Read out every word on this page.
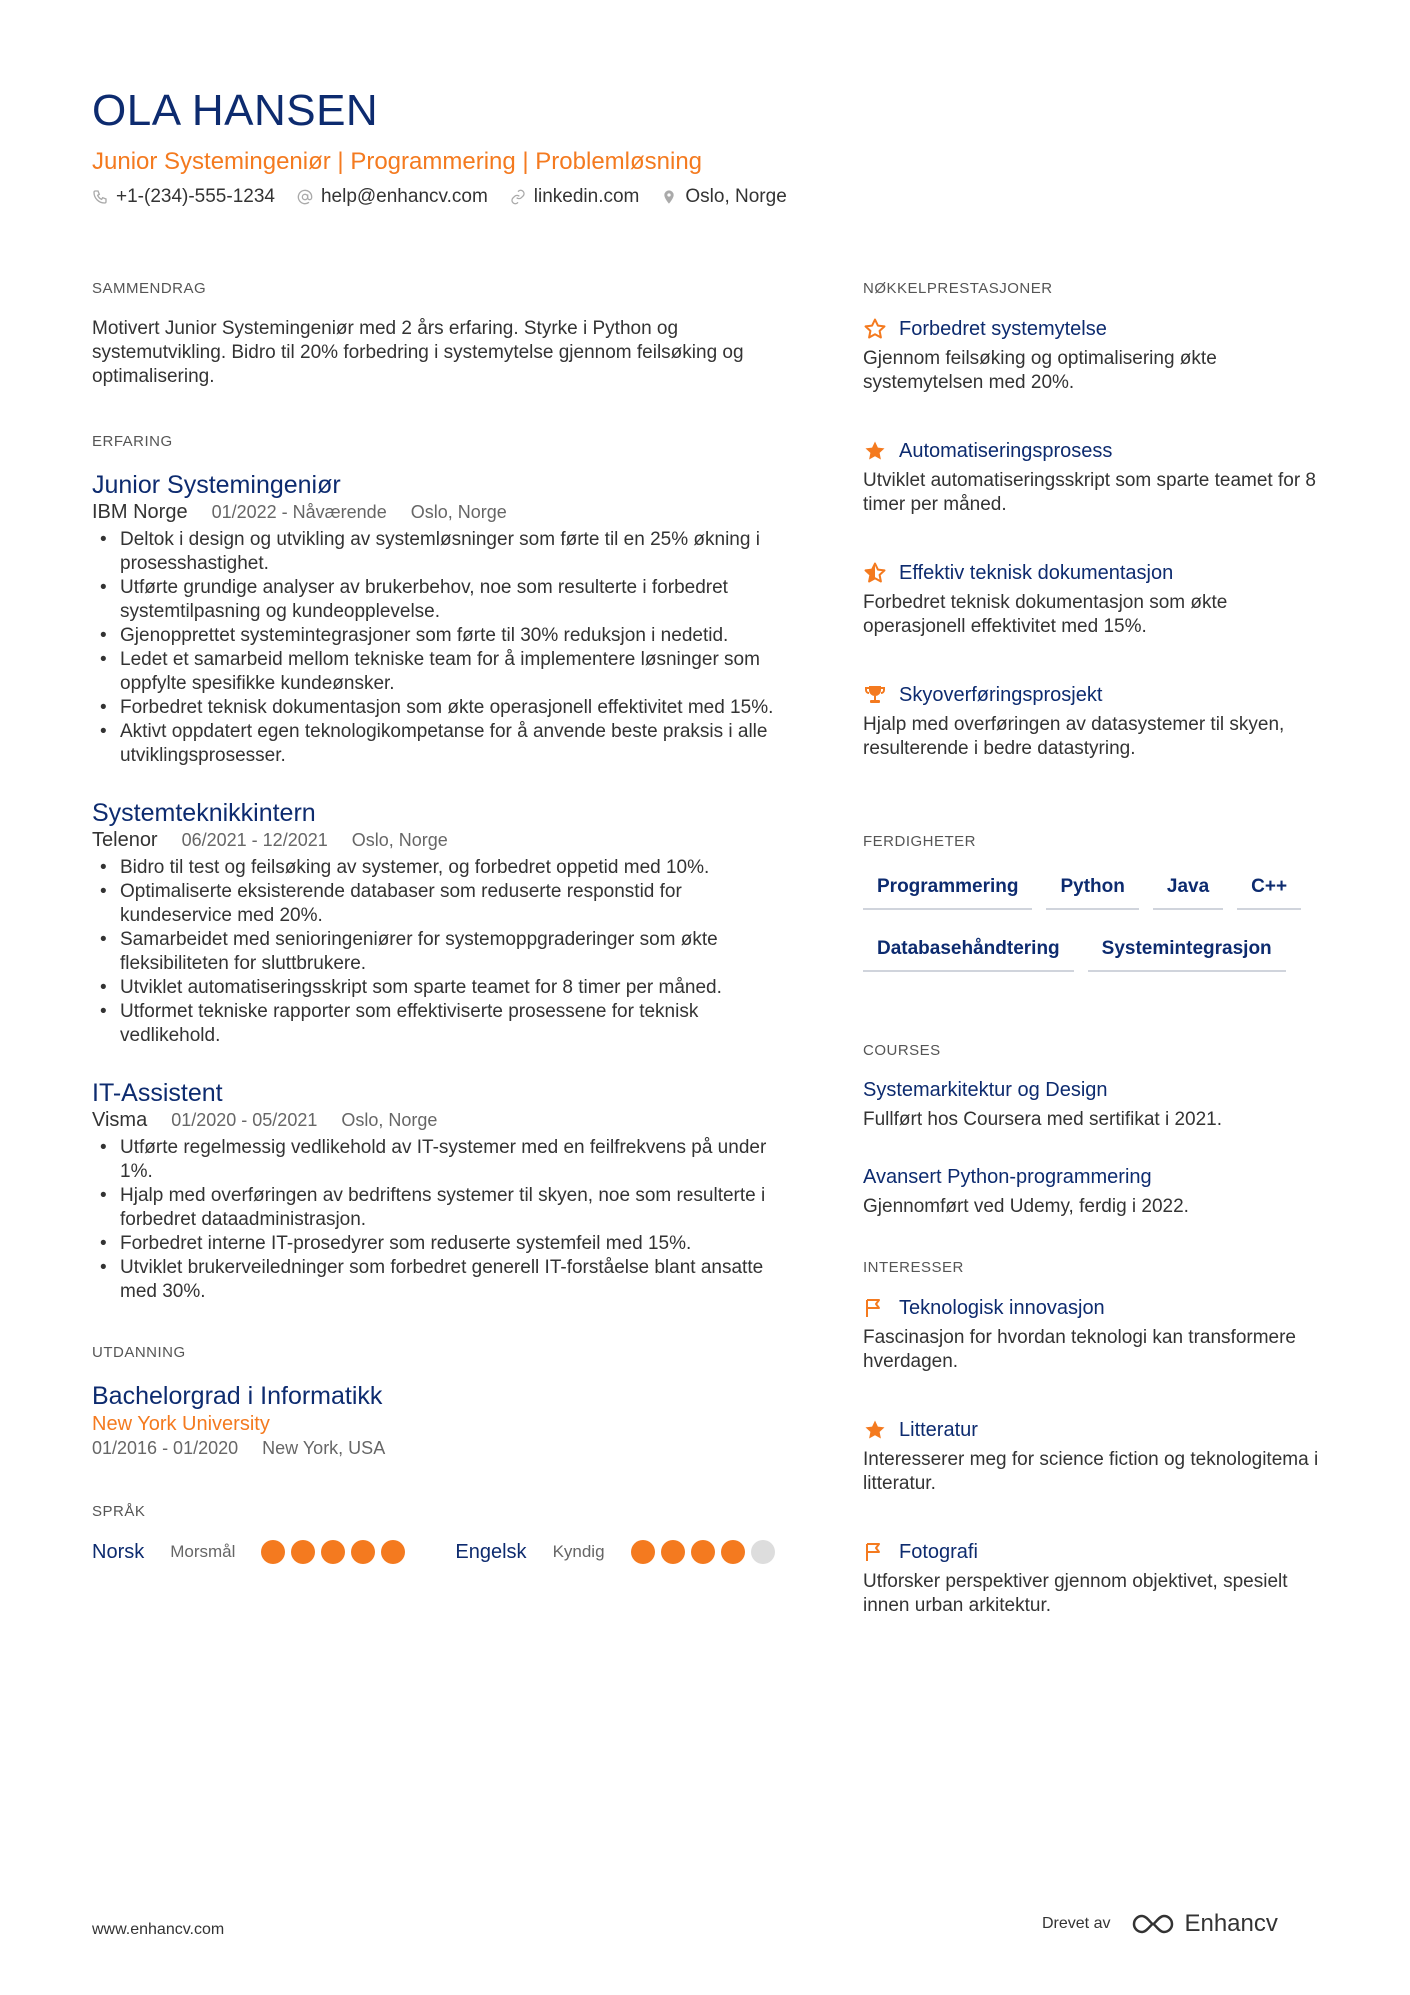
OLA HANSEN
Junior Systemingeniør | Programmering | Problemløsning
+1-(234)-555-1234 help@enhancv.com linkedin.com Oslo, Norge
SAMMENDRAG

Motivert Junior Systemingeniør med 2 års erfaring. Styrke i Python og systemutvikling. Bidro til 20% forbedring i systemytelse gjennom feilsøking og optimalisering.

ERFARING
Junior Systemingeniør
IBM Norge 01/2022 - Nåværende Oslo, Norge
• Deltok i design og utvikling av systemløsninger som førte til en 25% økning i prosesshastighet.
• Utførte grundige analyser av brukerbehov, noe som resulterte i forbedret systemtilpasning og kundeopplevelse.
• Gjenopprettet systemintegrasjoner som førte til 30% reduksjon i nedetid.
• Ledet et samarbeid mellom tekniske team for å implementere løsninger som oppfylte spesifikke kundeønsker.
• Forbedret teknisk dokumentasjon som økte operasjonell effektivitet med 15%.
• Aktivt oppdatert egen teknologikompetanse for å anvende beste praksis i alle utviklingsprosesser.
Systemteknikkintern
Telenor 06/2021 - 12/2021 Oslo, Norge
• Bidro til test og feilsøking av systemer, og forbedret oppetid med 10%.
• Optimaliserte eksisterende databaser som reduserte responstid for kundeservice med 20%.
• Samarbeidet med senioringeniører for systemoppgraderinger som økte fleksibiliteten for sluttbrukere.
• Utviklet automatiseringsskript som sparte teamet for 8 timer per måned.
• Utformet tekniske rapporter som effektiviserte prosessene for teknisk vedlikehold.
IT-Assistent
Visma 01/2020 - 05/2021 Oslo, Norge
• Utførte regelmessig vedlikehold av IT-systemer med en feilfrekvens på under 1%.
• Hjalp med overføringen av bedriftens systemer til skyen, noe som resulterte i forbedret dataadministrasjon.
• Forbedret interne IT-prosedyrer som reduserte systemfeil med 15%.
• Utviklet brukerveiledninger som forbedret generell IT-forståelse blant ansatte med 30%.
UTDANNING
Bachelorgrad i Informatikk
New York University
01/2016 - 01/2020 New York, USA
SPRÅK
Norsk Morsmål	Engelsk Kyndig
NØKKELPRESTASJONER
Forbedret systemytelse

Gjennom feilsøking og optimalisering økte systemytelsen med 20%.

Automatiseringsprosess

Utviklet automatiseringsskript som sparte teamet for 8 timer per måned.

Effektiv teknisk dokumentasjon

Forbedret teknisk dokumentasjon som økte operasjonell effektivitet med 15%.

Skyoverføringsprosjekt

Hjalp med overføringen av datasystemer til skyen, resulterende i bedre datastyring.

FERDIGHETER
Programmering	Python	Java	C++
Databasehåndtering	Systemintegrasjon
COURSES
Systemarkitektur og Design
Fullført hos Coursera med sertifikat i 2021.
Avansert Python-programmering
Gjennomført ved Udemy, ferdig i 2022.
INTERESSER
Teknologisk innovasjon

Fascinasjon for hvordan teknologi kan transformere hverdagen.

Litteratur

Interesserer meg for science fiction og teknologitema i litteratur.

Fotografi

Utforsker perspektiver gjennom objektivet, spesielt innen urban arkitektur.

www.enhancv.com	Drevet av	Enhancv
